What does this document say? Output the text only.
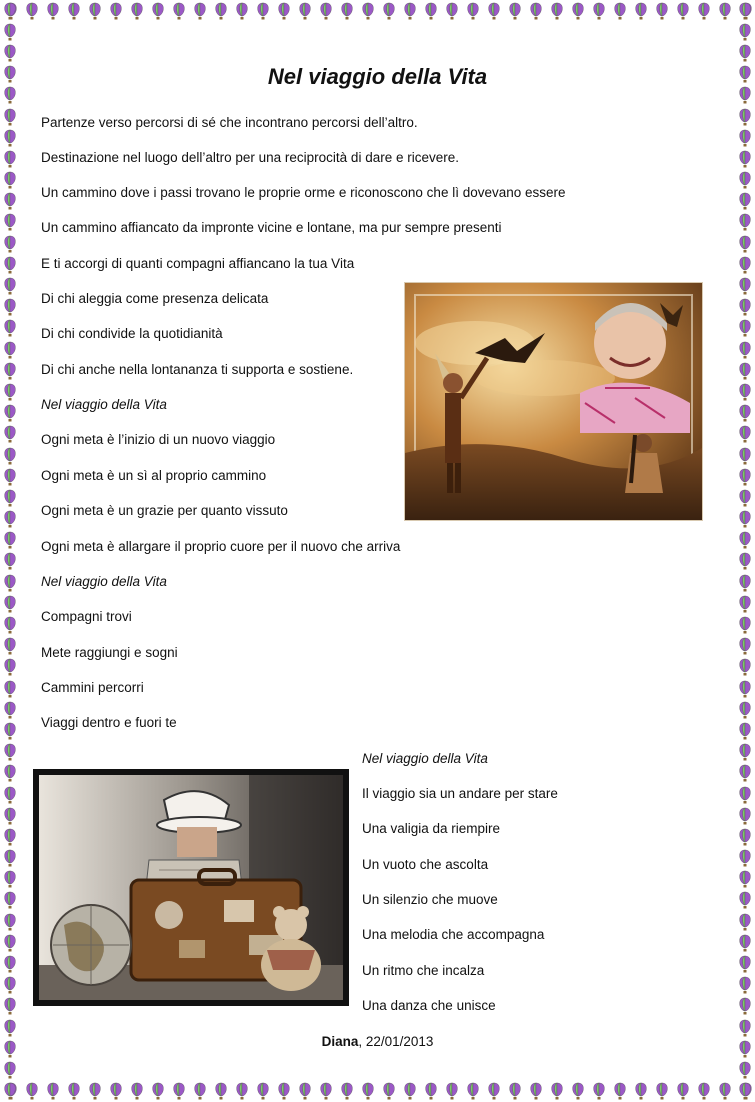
Nel viaggio della Vita
Partenze verso percorsi di sé che incontrano percorsi dell’altro.
Destinazione nel luogo dell’altro per una reciprocità di dare e ricevere.
Un cammino dove i passi trovano le proprie orme e riconoscono che lì dovevano essere
Un cammino affiancato da impronte vicine e lontane, ma pur sempre presenti
E ti accorgi di quanti compagni affiancano la tua Vita
Di chi aleggia come presenza delicata
Di chi condivide la quotidianità
Di chi anche nella lontananza ti supporta e sostiene.
Nel viaggio della Vita
Ogni meta è l’inizio di un nuovo viaggio
Ogni meta è un sì al proprio cammino
Ogni meta è un grazie per quanto vissuto
Ogni meta è allargare il proprio cuore per il nuovo che arriva
Nel viaggio della Vita
Compagni trovi
Mete raggiungi e sogni
Cammini percorri
Viaggi dentro e fuori te
Nel viaggio della Vita
Il viaggio sia un andare per stare
Una valigia da riempire
Un vuoto che ascolta
Un silenzio che muove
Una melodia che accompagna
Un ritmo che incalza
Una danza che unisce
Diana, 22/01/2013
